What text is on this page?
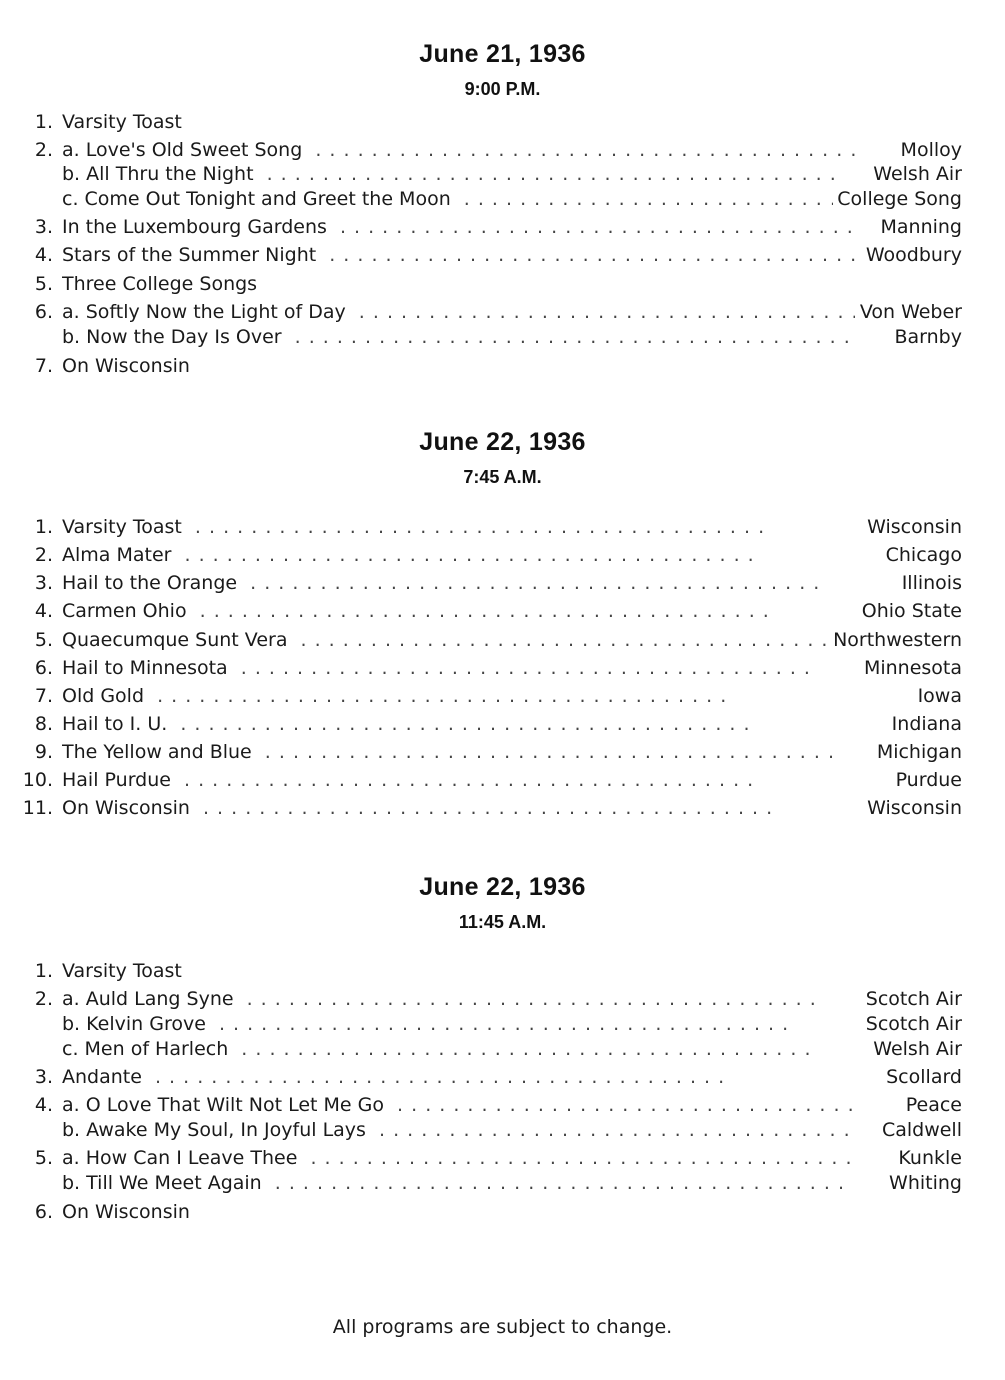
June 21, 1936
9:00 P.M.
1. Varsity Toast
2. a. Love's Old Sweet Song . .	Molloy
b. All Thru the Night . .	Welsh Air
c. Come Out Tonight and Greet the Moon . .	College Song
3. In the Luxembourg Gardens . .	Manning
4. Stars of the Summer Night . .	Woodbury
5. Three College Songs
6. a. Softly Now the Light of Day . .	Von Weber
b. Now the Day Is Over . .	Barnby
7. On Wisconsin
June 22, 1936
7:45 A.M.
1. Varsity Toast . .	Wisconsin
2. Alma Mater . .	Chicago
3. Hail to the Orange . .	Illinois
4. Carmen Ohio . .	Ohio State
5. Quaecumque Sunt Vera . .	Northwestern
6. Hail to Minnesota . .	Minnesota
7. Old Gold . .	Iowa
8. Hail to I. U. . .	Indiana
9. The Yellow and Blue . .	Michigan
10. Hail Purdue . .	Purdue
11. On Wisconsin . .	Wisconsin
June 22, 1936
11:45 A.M.
1. Varsity Toast
2. a. Auld Lang Syne . .	Scotch Air
b. Kelvin Grove . .	Scotch Air
c. Men of Harlech . .	Welsh Air
3. Andante . .	Scollard
4. a. O Love That Wilt Not Let Me Go . .	Peace
b. Awake My Soul, In Joyful Lays . .	Caldwell
5. a. How Can I Leave Thee . .	Kunkle
b. Till We Meet Again . .	Whiting
6. On Wisconsin
All programs are subject to change.
